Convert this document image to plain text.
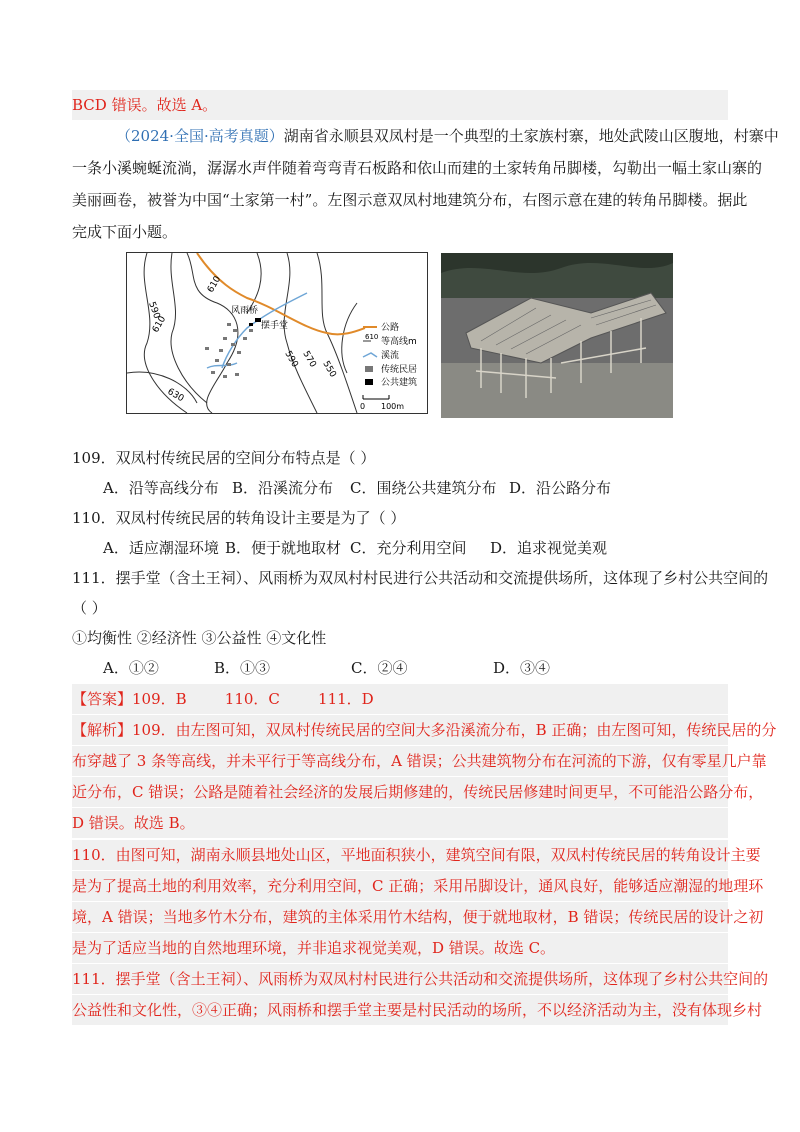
BCD 错误。故选 A。
（2024·全国·高考真题）湖南省永顺县双凤村是一个典型的土家族村寨，地处武陵山区腹地，村寨中
一条小溪蜿蜒流淌，潺潺水声伴随着弯弯青石板路和依山而建的土家转角吊脚楼，勾勒出一幅土家山寨的
美丽画卷，被誉为中国“土家第一村”。左图示意双凤村地建筑分布，右图示意在建的转角吊脚楼。据此
完成下面小题。
风雨桥
摆手堂
610
590
610
630
590 570
550
公路
610 等高线m
溪流
传统民居
公共建筑
0 100m
109．双凤村传统民居的空间分布特点是（ ）
A．沿等高线分布 B．沿溪流分布 C．围绕公共建筑分布 D．沿公路分布
110．双凤村传统民居的转角设计主要是为了（ ）
A．适应潮湿环境 B．便于就地取材 C．充分利用空间 D．追求视觉美观
111．摆手堂（含土王祠）、风雨桥为双凤村村民进行公共活动和交流提供场所，这体现了乡村公共空间的
（ ）
①均衡性 ②经济性 ③公益性 ④文化性
A．①②	B．①③	C．②④	D．③④
【答案】109．B        110．C        111．D
【解析】109．由左图可知，双凤村传统民居的空间大多沿溪流分布，B 正确；由左图可知，传统民居的分
布穿越了 3 条等高线，并未平行于等高线分布，A 错误；公共建筑物分布在河流的下游，仅有零星几户靠
近分布，C 错误；公路是随着社会经济的发展后期修建的，传统民居修建时间更早，不可能沿公路分布，
D 错误。故选 B。
110．由图可知，湖南永顺县地处山区，平地面积狭小，建筑空间有限，双凤村传统民居的转角设计主要
是为了提高土地的利用效率，充分利用空间，C 正确；采用吊脚设计，通风良好，能够适应潮湿的地理环
境，A 错误；当地多竹木分布，建筑的主体采用竹木结构，便于就地取材，B 错误；传统民居的设计之初
是为了适应当地的自然地理环境，并非追求视觉美观，D 错误。故选 C。
111．摆手堂（含土王祠）、风雨桥为双凤村村民进行公共活动和交流提供场所，这体现了乡村公共空间的
公益性和文化性，③④正确；风雨桥和摆手堂主要是村民活动的场所，不以经济活动为主，没有体现乡村
